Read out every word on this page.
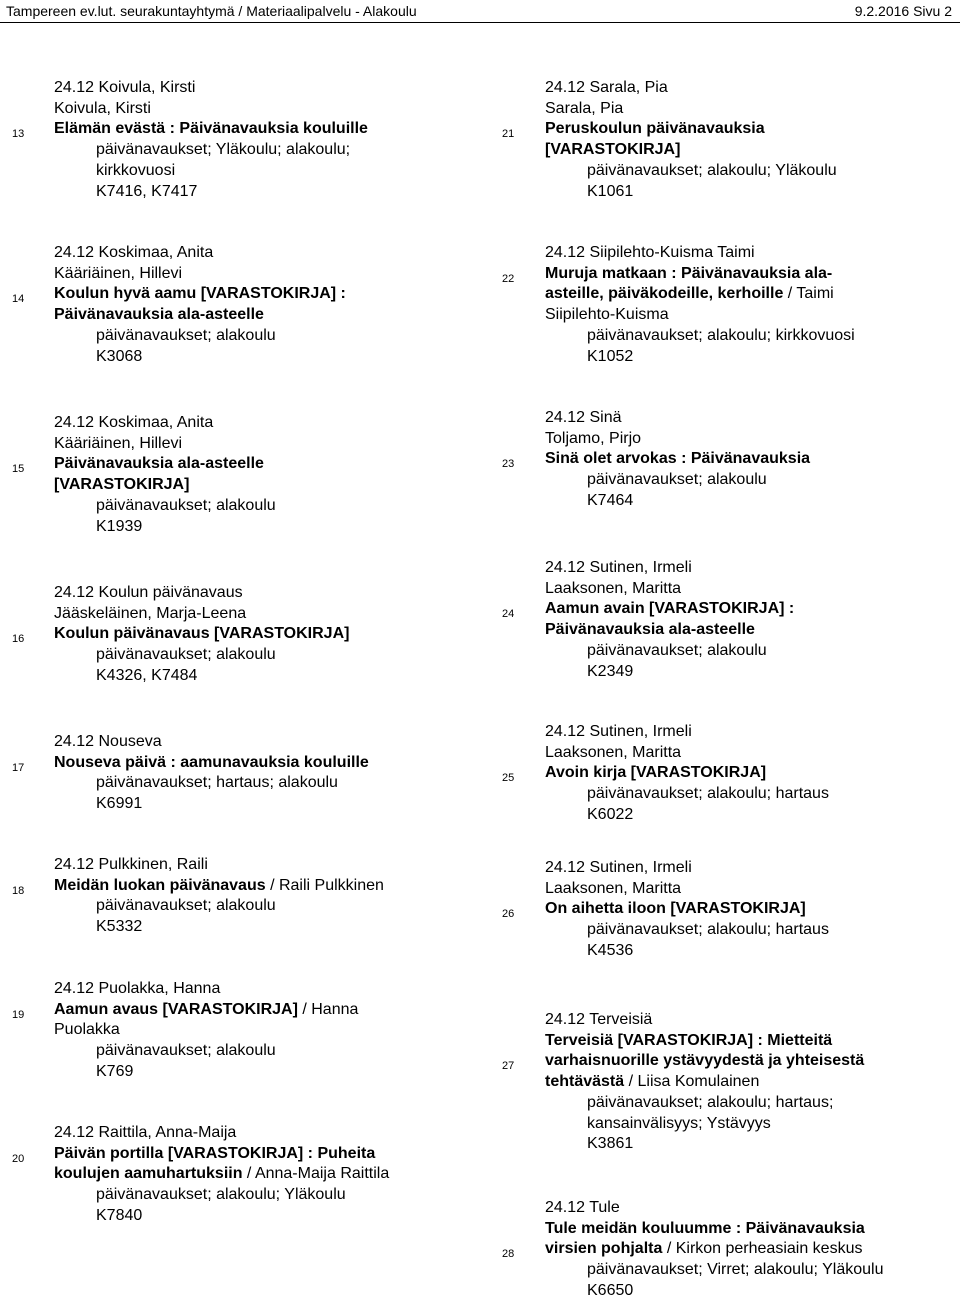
Tampereen ev.lut. seurakuntayhtymä / Materiaalipalvelu - Alakoulu	9.2.2016 Sivu 2
13
24.12 Koivula, Kirsti
Koivula, Kirsti
Elämän evästä : Päivänavauksia kouluille
päivänavaukset; Yläkoulu; alakoulu;
kirkkovuosi
K7416, K7417
14
24.12 Koskimaa, Anita
Kääriäinen, Hillevi
Koulun hyvä aamu [VARASTOKIRJA] :
Päivänavauksia ala-asteelle
päivänavaukset; alakoulu
K3068
15
24.12 Koskimaa, Anita
Kääriäinen, Hillevi
Päivänavauksia ala-asteelle
[VARASTOKIRJA]
päivänavaukset; alakoulu
K1939
16
24.12 Koulun päivänavaus
Jääskeläinen, Marja-Leena
Koulun päivänavaus [VARASTOKIRJA]
päivänavaukset; alakoulu
K4326, K7484
17
24.12 Nouseva
Nouseva päivä : aamunavauksia kouluille
päivänavaukset; hartaus; alakoulu
K6991
18
24.12 Pulkkinen, Raili
Meidän luokan päivänavaus / Raili Pulkkinen
päivänavaukset; alakoulu
K5332
19
24.12 Puolakka, Hanna
Aamun avaus [VARASTOKIRJA] / Hanna
Puolakka
päivänavaukset; alakoulu
K769
20
24.12 Raittila, Anna-Maija
Päivän portilla [VARASTOKIRJA] : Puheita
koulujen aamuhartuksiin / Anna-Maija Raittila
päivänavaukset; alakoulu; Yläkoulu
K7840
21
24.12 Sarala, Pia
Sarala, Pia
Peruskoulun päivänavauksia
[VARASTOKIRJA]
päivänavaukset; alakoulu; Yläkoulu
K1061
22
24.12 Siipilehto-Kuisma Taimi
Muruja matkaan : Päivänavauksia ala-
asteille, päiväkodeille, kerhoille / Taimi
Siipilehto-Kuisma
päivänavaukset; alakoulu; kirkkovuosi
K1052
23
24.12 Sinä
Toljamo, Pirjo
Sinä olet arvokas : Päivänavauksia
päivänavaukset; alakoulu
K7464
24
24.12 Sutinen, Irmeli
Laaksonen, Maritta
Aamun avain [VARASTOKIRJA] :
Päivänavauksia ala-asteelle
päivänavaukset; alakoulu
K2349
25
24.12 Sutinen, Irmeli
Laaksonen, Maritta
Avoin kirja [VARASTOKIRJA]
päivänavaukset; alakoulu; hartaus
K6022
26
24.12 Sutinen, Irmeli
Laaksonen, Maritta
On aihetta iloon [VARASTOKIRJA]
päivänavaukset; alakoulu; hartaus
K4536
27
24.12 Terveisiä
Terveisiä [VARASTOKIRJA] : Mietteitä
varhaisnuorille ystävyydestä ja yhteisestä
tehtävästä / Liisa Komulainen
päivänavaukset; alakoulu; hartaus;
kansainvälisyys; Ystävyys
K3861
28
24.12 Tule
Tule meidän kouluumme : Päivänavauksia
virsien pohjalta / Kirkon perheasiain keskus
päivänavaukset; Virret; alakoulu; Yläkoulu
K6650
